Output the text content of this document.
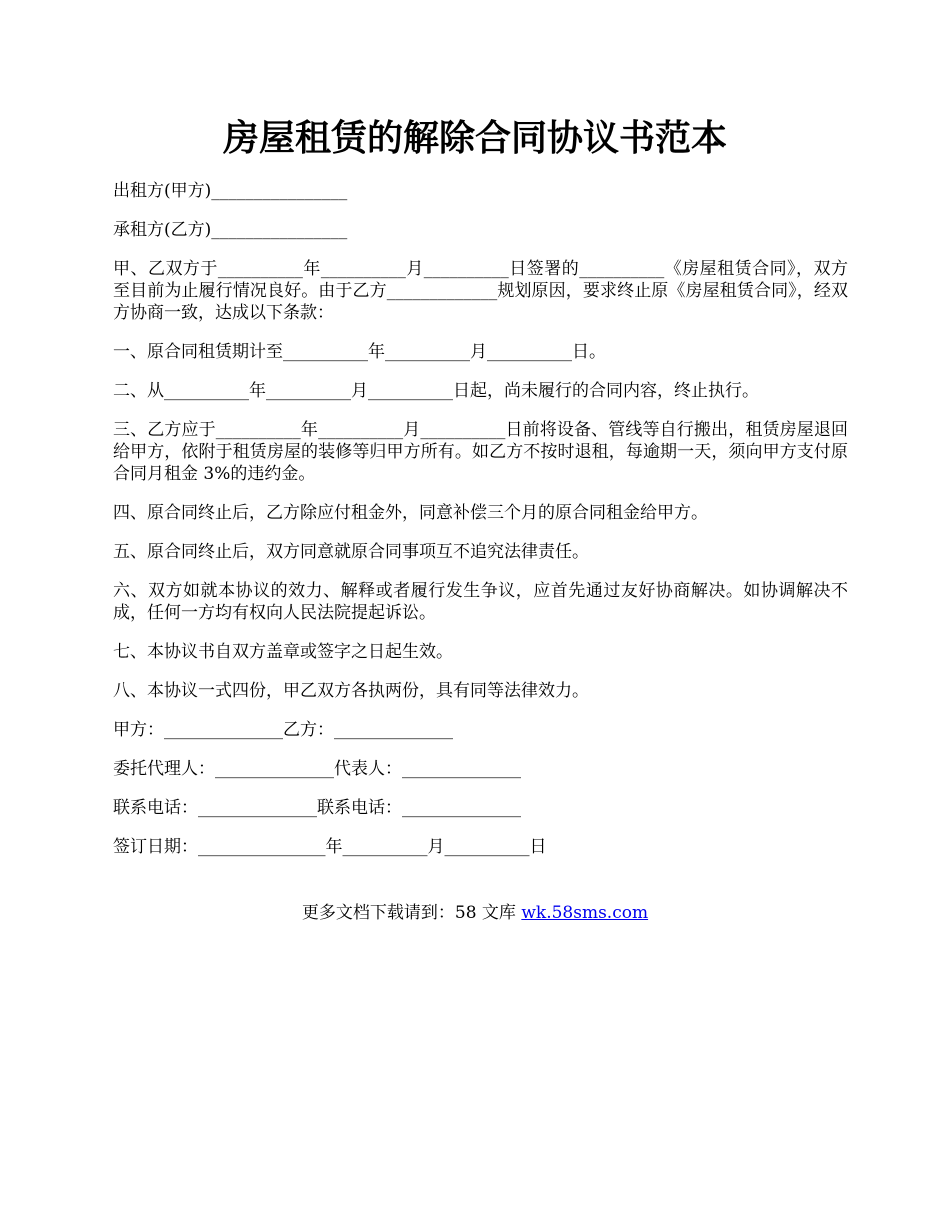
房屋租赁的解除合同协议书范本

出租方(甲方)________________

承租方(乙方)________________

甲、乙双方于__________年__________月__________日签署的__________《房屋租赁合同》，双方至目前为止履行情况良好。由于乙方_____________规划原因，要求终止原《房屋租赁合同》，经双方协商一致，达成以下条款：

一、原合同租赁期计至__________年__________月__________日。

二、从__________年__________月__________日起，尚未履行的合同内容，终止执行。

三、乙方应于__________年__________月__________日前将设备、管线等自行搬出，租赁房屋退回给甲方，依附于租赁房屋的装修等归甲方所有。如乙方不按时退租，每逾期一天，须向甲方支付原合同月租金 3%的违约金。

四、原合同终止后，乙方除应付租金外，同意补偿三个月的原合同租金给甲方。

五、原合同终止后，双方同意就原合同事项互不追究法律责任。

六、双方如就本协议的效力、解释或者履行发生争议，应首先通过友好协商解决。如协调解决不成，任何一方均有权向人民法院提起诉讼。

七、本协议书自双方盖章或签字之日起生效。

八、本协议一式四份，甲乙双方各执两份，具有同等法律效力。

甲方：______________乙方：______________

委托代理人：______________代表人：______________

联系电话：______________联系电话：______________

签订日期：_______________年__________月__________日

更多文档下载请到：58 文库 wk.58sms.com
